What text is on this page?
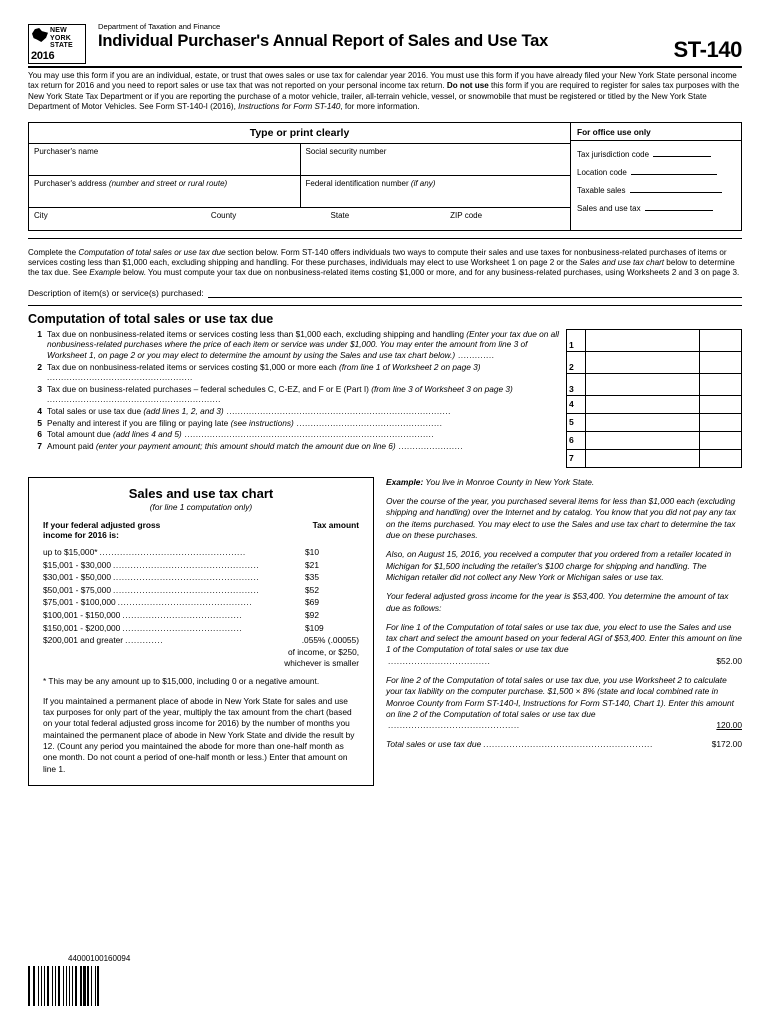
NEW
YORK
STATE
2016
Department of Taxation and Finance
Individual Purchaser's Annual Report of Sales and Use Tax	ST-140
You may use this form if you are an individual, estate, or trust that owes sales or use tax for calendar year 2016. You must use this form if you have already filed your New York State personal income tax return for 2016 and you need to report sales or use tax that was not reported on your personal income tax return. Do not use this form if you are required to register for sales tax purposes with the New York State Tax Department or if you are reporting the purchase of a motor vehicle, trailer, all-terrain vehicle, vessel, or snowmobile that must be registered or titled by the New York State Department of Motor Vehicles. See Form ST-140-I (2016), Instructions for Form ST-140, for more information.
Type or print clearly
Purchaser's name	Social security number
Purchaser's address (number and street or rural route)	Federal identification number (if any)
City	County	State	ZIP code
For office use only
Tax jurisdiction code
Location code
Taxable sales
Sales and use tax
Complete the Computation of total sales or use tax due section below. Form ST-140 offers individuals two ways to compute their sales and use taxes for nonbusiness-related purchases of items or services costing less than $1,000 each, excluding shipping and handling. For these purchases, individuals may elect to use Worksheet 1 on page 2 or the Sales and use tax chart below to determine the tax due. See Example below. You must compute your tax due on nonbusiness-related items costing $1,000 or more, and for any business-related purchases, using Worksheets 2 and 3 on page 3.
Description of item(s) or service(s) purchased:
Computation of total sales or use tax due
1 Tax due on nonbusiness-related items or services costing less than $1,000 each, excluding shipping and handling (Enter your tax due on all nonbusiness-related purchases where the price of each item or service was under $1,000. You may enter the amount from line 3 of Worksheet 1, on page 2 or you may elect to determine the amount by using the Sales and use tax chart below.) .............
2 Tax due on nonbusiness-related items or services costing $1,000 or more each (from line 1 of Worksheet 2 on page 3) ....................................................
3 Tax due on business-related purchases – federal schedules C, C-EZ, and F or E (Part I) (from line 3 of Worksheet 3 on page 3) ..............................................................
4 Total sales or use tax due (add lines 1, 2, and 3) ................................................................................
5 Penalty and interest if you are filing or paying late (see instructions) ....................................................
6 Total amount due (add lines 4 and 5) .........................................................................................
7 Amount paid (enter your payment amount; this amount should match the amount due on line 6) .......................
1		
2		
3		
4		
5		
6		
7		
Sales and use tax chart
(for line 1 computation only)
Tax amount
If your federal adjusted gross
income for 2016 is:
up to $15,000* ..................................................	$10
$15,001 - $30,000 ..................................................	$21
$30,001 - $50,000 ..................................................	$35
$50,001 - $75,000 ..................................................	$52
$75,001 - $100,000 ..............................................	$69
$100,001 - $150,000 .........................................	$92
$150,001 - $200,000 .........................................	$109
$200,001 and greater .............	.055% (.00055)
of income, or $250,
whichever is smaller
* This may be any amount up to $15,000, including 0 or a negative amount.
If you maintained a permanent place of abode in New York State for sales and use tax purposes for only part of the year, multiply the tax amount from the chart (based on your total federal adjusted gross income for 2016) by the number of months you maintained the permanent place of abode in New York State and divide the result by 12. (Count any period you maintained the abode for more than one-half month as one month. Do not count a period of one-half month or less.) Enter that amount on line 1.

Example: You live in Monroe County in New York State.

Over the course of the year, you purchased several items for less than $1,000 each (excluding shipping and handling) over the Internet and by catalog. You know that you did not pay any tax on the items purchased. You may elect to use the Sales and use tax chart to determine the tax due on these purchases.

Also, on August 15, 2016, you received a computer that you ordered from a retailer located in Michigan for $1,500 including the retailer's $100 charge for shipping and handling. The Michigan retailer did not collect any New York or Michigan sales or use tax.

Your federal adjusted gross income for the year is $53,400. You determine the amount of tax due as follows:

For line 1 of the Computation of total sales or use tax due, you elect to use the Sales and use tax chart and select the amount based on your federal AGI of $53,400. Enter this amount on line 1 of the Computation of total sales or use tax due
...................................	$52.00

For line 2 of the Computation of total sales or use tax due, you use Worksheet 2 to calculate your tax liability on the computer purchase. $1,500 × 8% (state and local combined rate in Monroe County from Form ST-140-I, Instructions for Form ST-140, Chart 1). Enter this amount on line 2 of the Computation of total sales or use tax due
.............................................	120.00

Total sales or use tax due ..........................................................	$172.00

44000100160094
